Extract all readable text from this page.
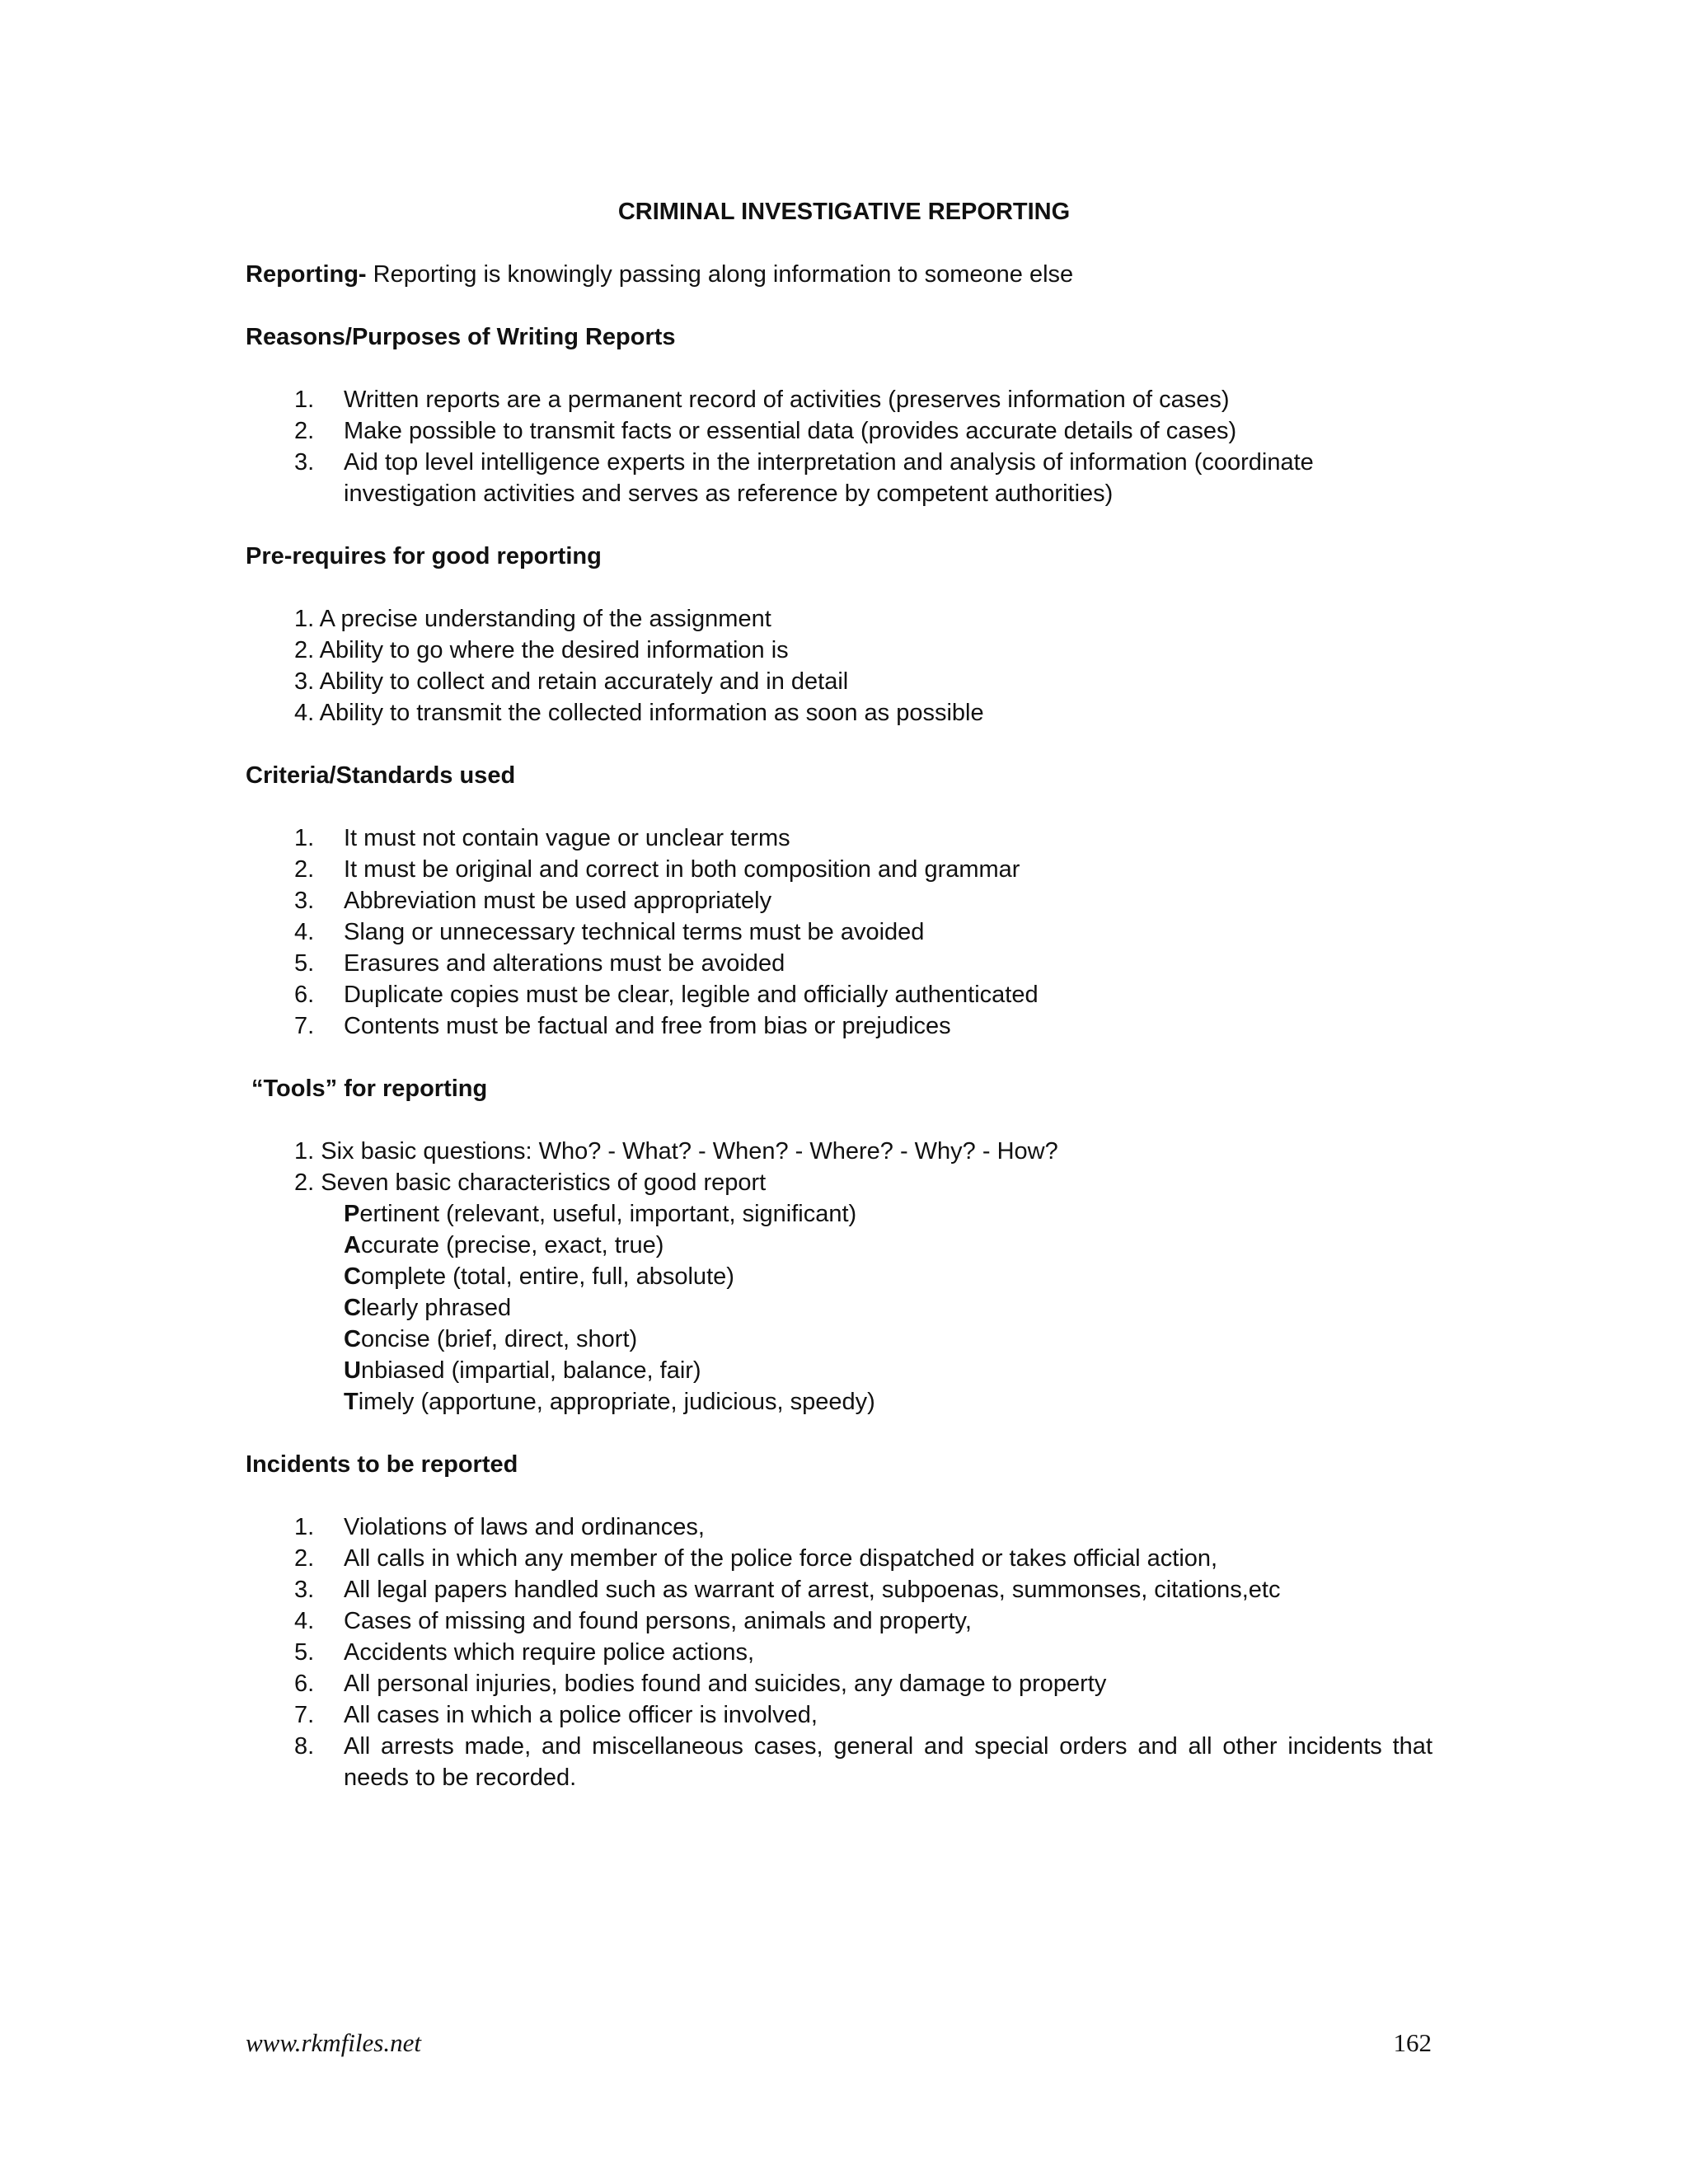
CRIMINAL INVESTIGATIVE REPORTING
Reporting- Reporting is knowingly passing along information to someone else
Reasons/Purposes of Writing Reports
1. Written reports are a permanent record of activities (preserves information of cases)
2. Make possible to transmit facts or essential data (provides accurate details of cases)
3. Aid top level intelligence experts in the interpretation and analysis of information (coordinate investigation activities and serves as reference by competent authorities)
Pre-requires for good reporting
1. A precise understanding of the assignment
2. Ability to go where the desired information is
3. Ability to collect and retain accurately and in detail
4. Ability to transmit the collected information as soon as possible
Criteria/Standards used
1. It must not contain vague or unclear terms
2. It must be original and correct in both composition and grammar
3. Abbreviation must be used appropriately
4. Slang or unnecessary technical terms must be avoided
5. Erasures and alterations must be avoided
6. Duplicate copies must be clear, legible and officially authenticated
7. Contents must be factual and free from bias or prejudices
“Tools” for reporting
1. Six basic questions: Who? - What? - When? - Where? - Why? - How?
2. Seven basic characteristics of good report
Pertinent (relevant, useful, important, significant)
Accurate (precise, exact, true)
Complete (total, entire, full, absolute)
Clearly phrased
Concise (brief, direct, short)
Unbiased (impartial, balance, fair)
Timely (apportune, appropriate, judicious, speedy)
Incidents to be reported
1. Violations of laws and ordinances,
2. All calls in which any member of the police force dispatched or takes official action,
3. All legal papers handled such as warrant of arrest, subpoenas, summonses, citations,etc
4. Cases of missing and found persons, animals and property,
5. Accidents which require police actions,
6. All personal injuries, bodies found and suicides, any damage to property
7. All cases in which a police officer is involved,
8. All arrests made, and miscellaneous cases, general and special orders and all other incidents that needs to be recorded.
www.rkmfiles.net	162
